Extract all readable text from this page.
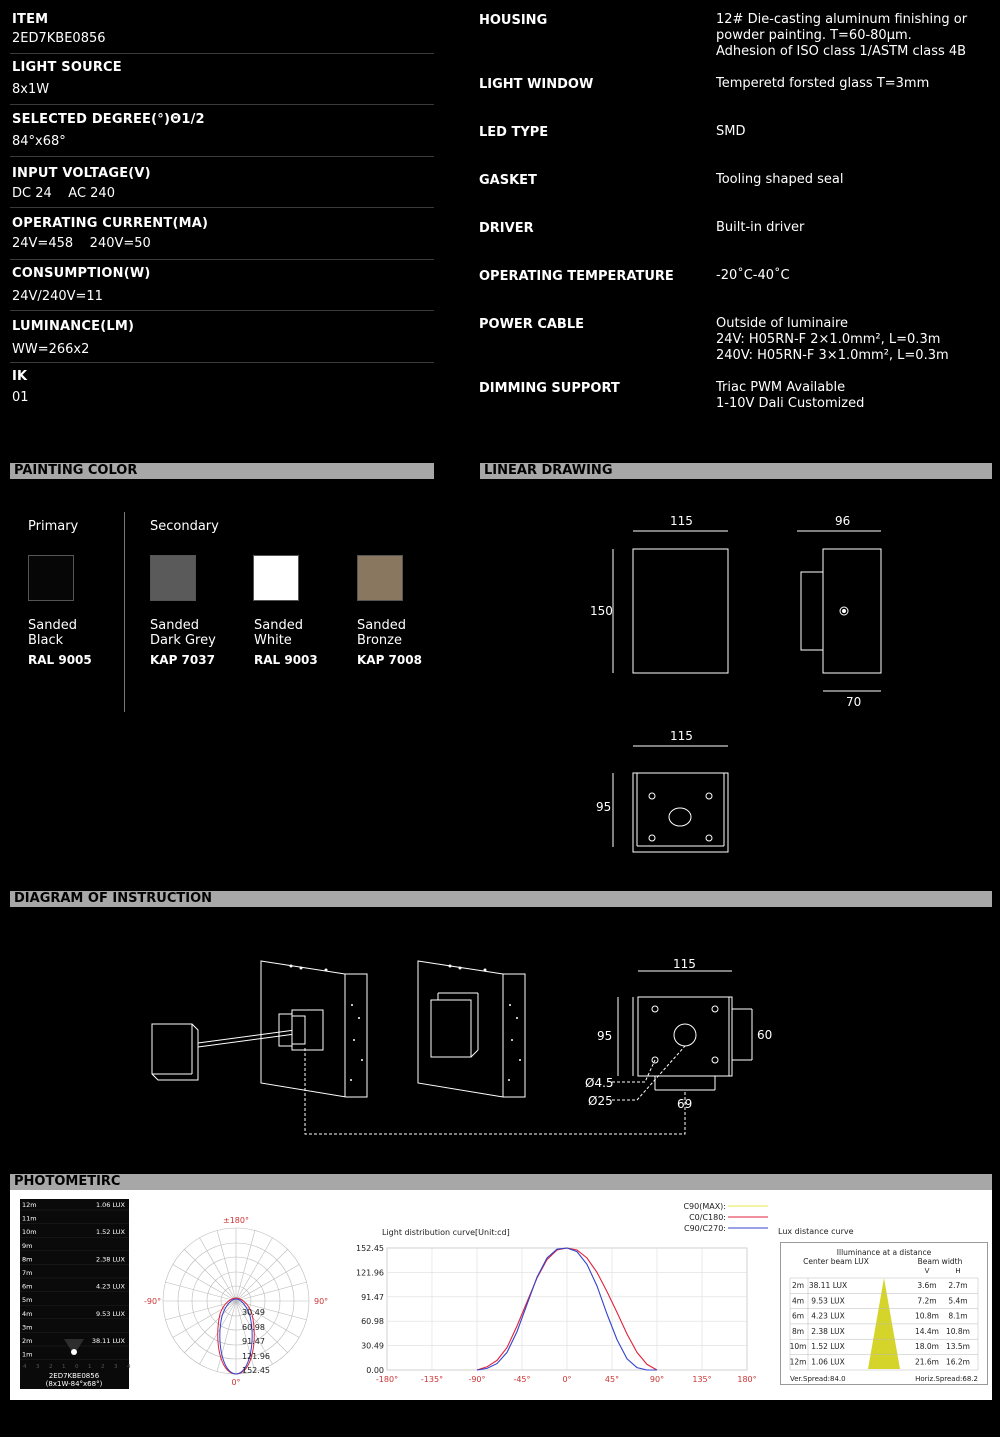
ITEM
2ED7KBE0856
LIGHT SOURCE
8x1W
SELECTED DEGREE(°)Θ1/2
84°x68°
INPUT VOLTAGE(V)
DC 24    AC 240
OPERATING CURRENT(MA)
24V=458    240V=50
CONSUMPTION(W)
24V/240V=11
LUMINANCE(LM)
WW=266x2
IK
01
HOUSING	12# Die-casting aluminum finishing or
powder painting. T=60-80μm.
Adhesion of ISO class 1/ASTM class 4B
LIGHT WINDOW	Temperetd forsted glass T=3mm
LED TYPE	SMD
GASKET	Tooling shaped seal
DRIVER	Built-in driver
OPERATING TEMPERATURE	-20˚C-40˚C
POWER CABLE	Outside of luminaire
24V: H05RN-F 2×1.0mm², L=0.3m
240V: H05RN-F 3×1.0mm², L=0.3m
DIMMING SUPPORT	Triac PWM Available
1-10V Dali Customized
PAINTING COLOR	LINEAR DRAWING
DIAGRAM OF INSTRUCTION
PHOTOMETIRC
Primary	Secondary
Sanded
Black
RAL 9005
Sanded
Dark Grey
KAP 7037
Sanded
White
RAL 9003
Sanded
Bronze
KAP 7008
115
150
96
70
115
95
115
95	60
69
Ø4.5
Ø25
12m
11m
10m
9m
8m
7m
6m
5m
4m
3m
2m
1m
1.06 LUX
1.52 LUX
2.38 LUX
4.23 LUX
9.53 LUX
38.11 LUX
4 3 2 1 0 1 2 3 4
2ED7KBE0856
(8x1W-84°x68°)
±180°
-90°	90°
0°
30.49
60.98
91.47
121.96
152.45
Light distribution curve[Unit:cd]
C90(MAX):
C0/C180:
C90/C270:
152.45
121.96
91.47
60.98
30.49
0.00
-180°	-135°	-90°	-45°	0°	45°	90°	135°	180°
Lux distance curve
Illuminance at a distance
Center beam LUX	Beam width
V	H
2m 38.11 LUX	3.6m 2.7m
4m 9.53 LUX	7.2m 5.4m
6m 4.23 LUX	10.8m 8.1m
8m 2.38 LUX	14.4m 10.8m
10m 1.52 LUX	18.0m 13.5m
12m 1.06 LUX	21.6m 16.2m
Ver.Spread:84.0	Horiz.Spread:68.2
